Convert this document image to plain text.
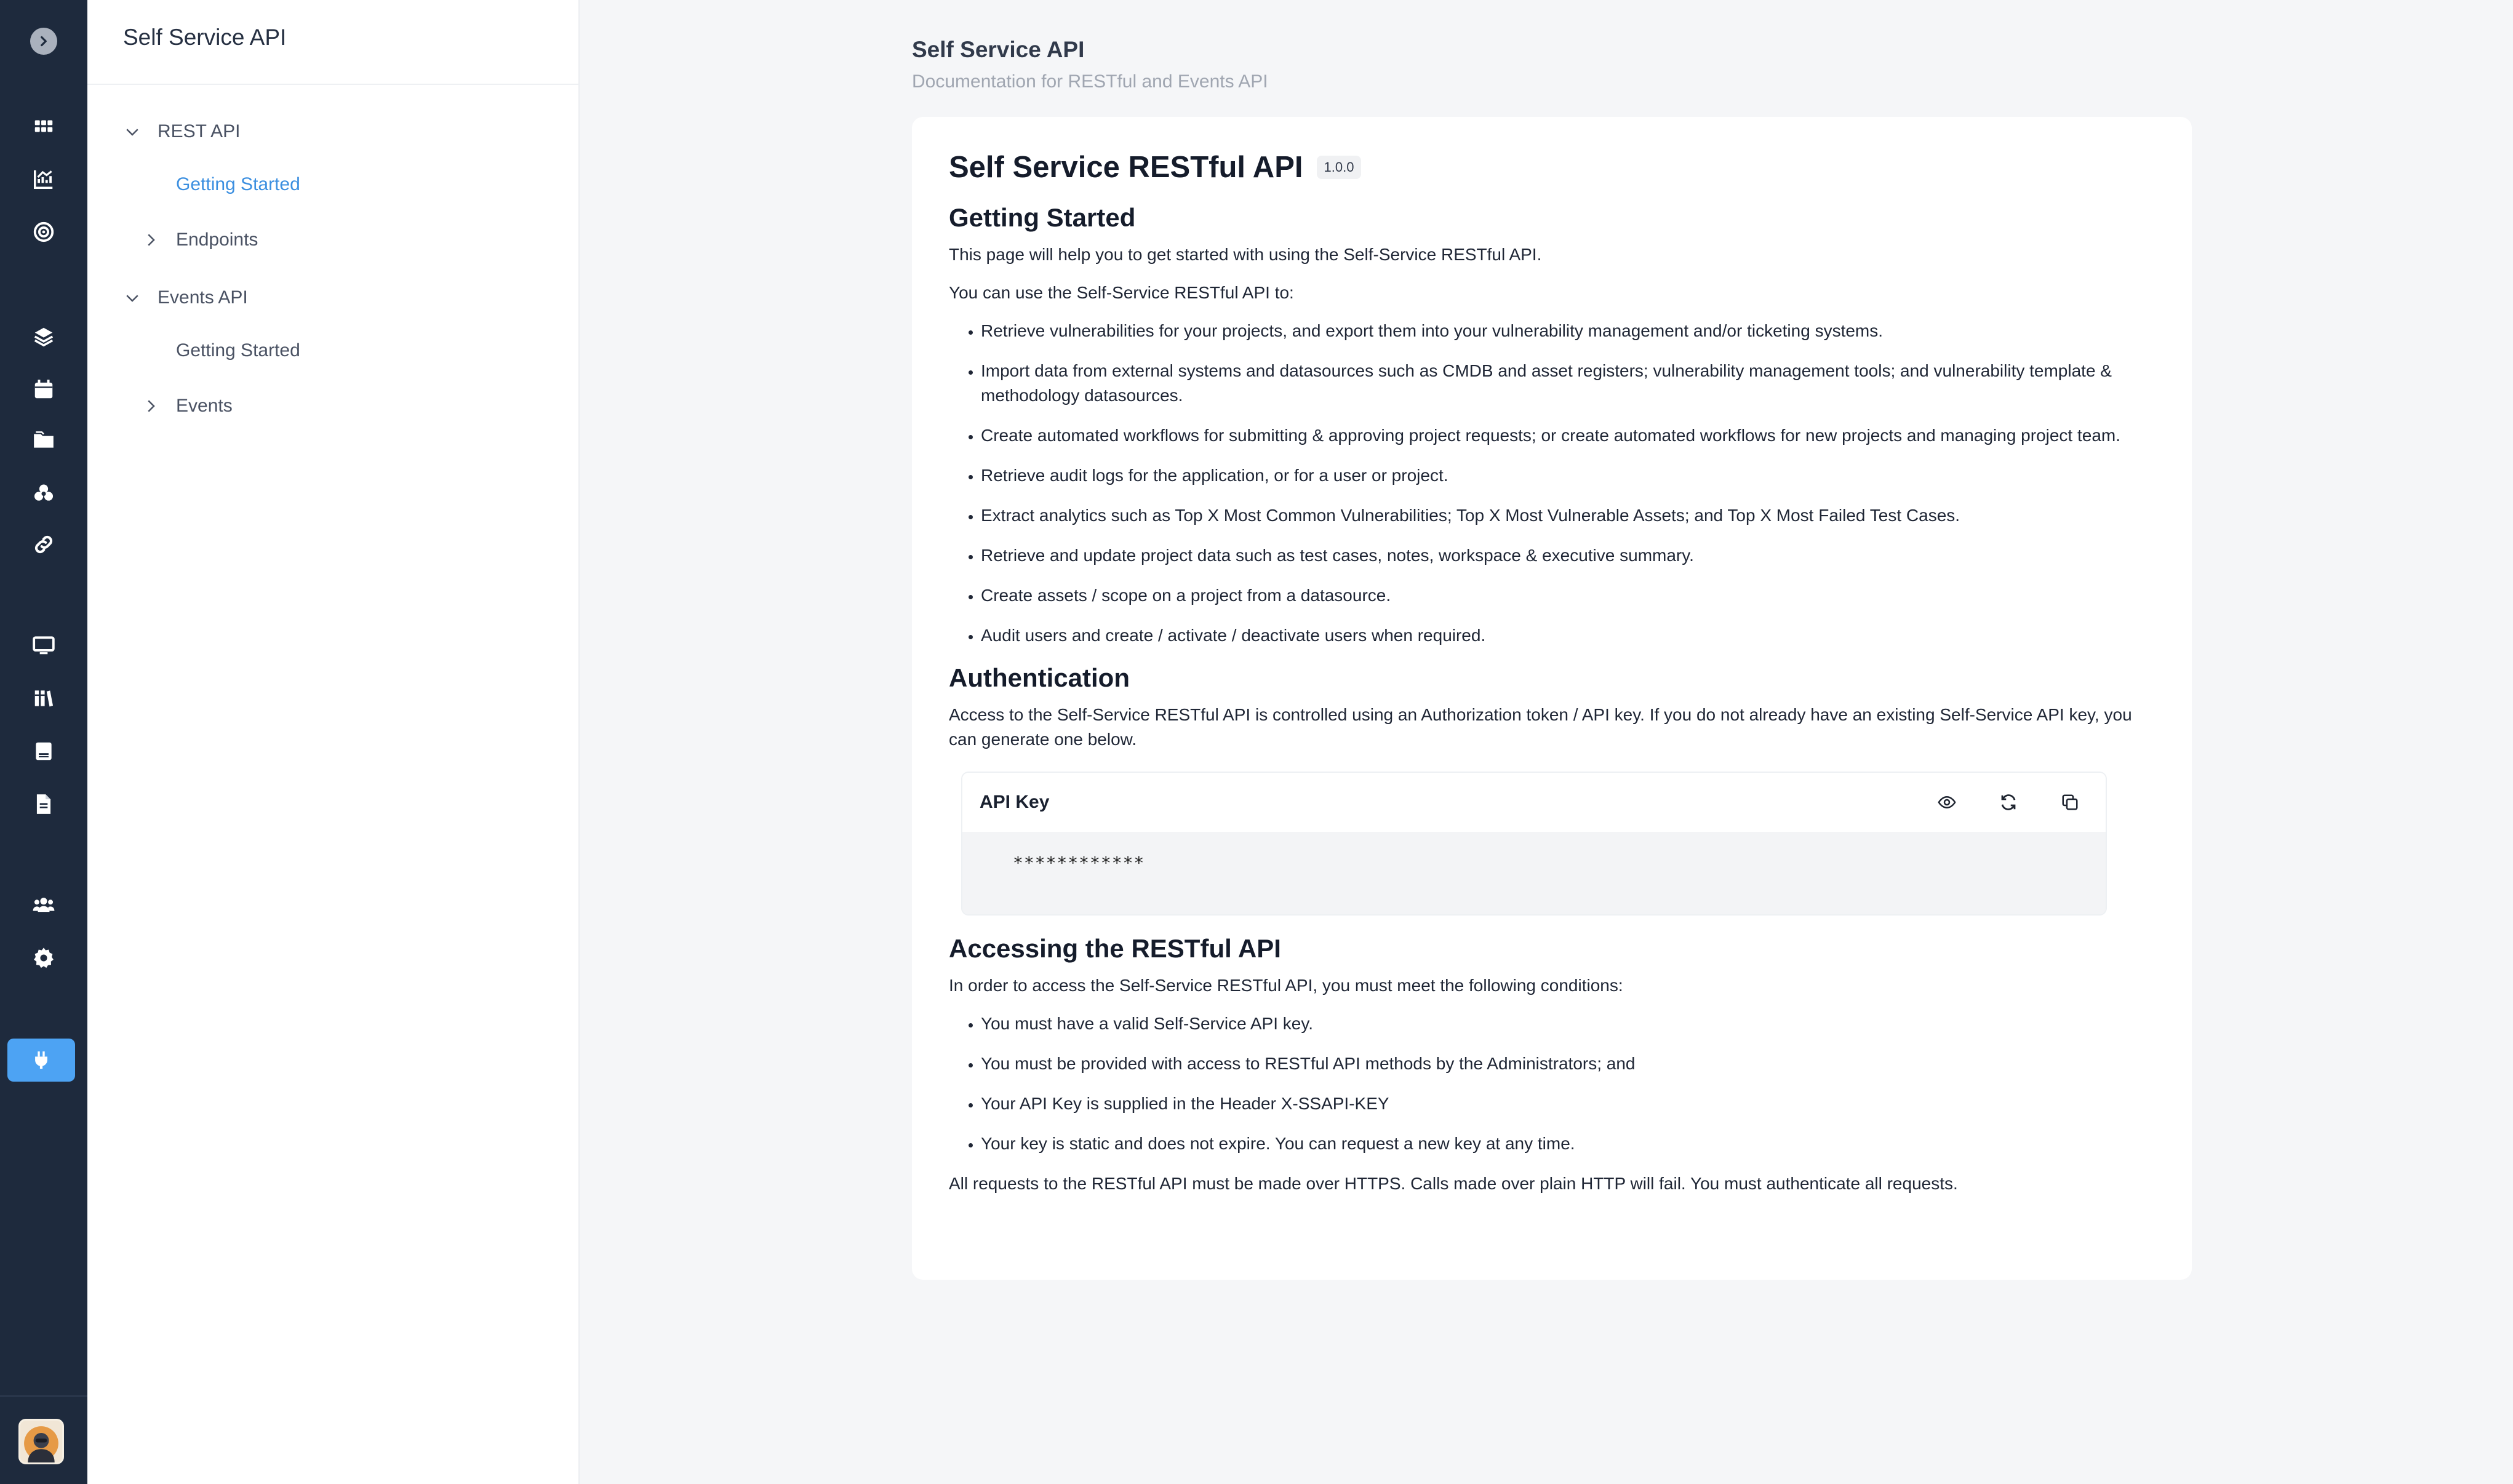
Self Service API
REST API
Getting Started
Endpoints
Events API
Getting Started
Events
Self Service API
Documentation for RESTful and Events API
Self Service RESTful API	1.0.0
Getting Started

This page will help you to get started with using the Self-Service RESTful API.

You can use the Self-Service RESTful API to:

• Retrieve vulnerabilities for your projects, and export them into your vulnerability management and/or ticketing systems.
• Import data from external systems and datasources such as CMDB and asset registers; vulnerability management tools; and vulnerability template & methodology datasources.
• Create automated workflows for submitting & approving project requests; or create automated workflows for new projects and managing project team.
• Retrieve audit logs for the application, or for a user or project.
• Extract analytics such as Top X Most Common Vulnerabilities; Top X Most Vulnerable Assets; and Top X Most Failed Test Cases.
• Retrieve and update project data such as test cases, notes, workspace & executive summary.
• Create assets / scope on a project from a datasource.
• Audit users and create / activate / deactivate users when required.
Authentication

Access to the Self-Service RESTful API is controlled using an Authorization token / API key. If you do not already have an existing Self-Service API key, you can generate one below.

API Key
************
Accessing the RESTful API

In order to access the Self-Service RESTful API, you must meet the following conditions:

• You must have a valid Self-Service API key.
• You must be provided with access to RESTful API methods by the Administrators; and
• Your API Key is supplied in the Header X-SSAPI-KEY
• Your key is static and does not expire. You can request a new key at any time.

All requests to the RESTful API must be made over HTTPS. Calls made over plain HTTP will fail. You must authenticate all requests.
